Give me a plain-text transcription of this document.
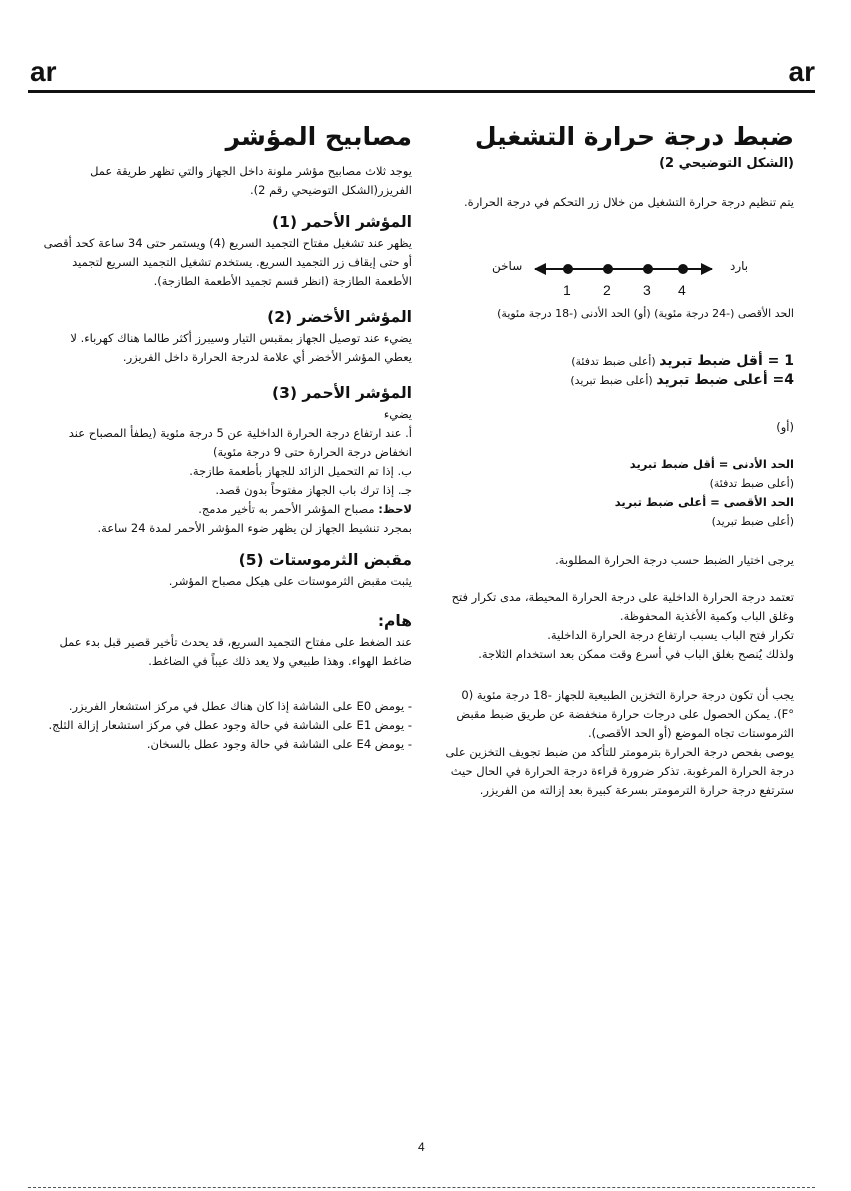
ar	ar
ضبط درجة حرارة التشغيل
(الشكل التوضيحي 2)

يتم تنظيم درجة حرارة التشغيل من خلال زر التحكم في درجة الحرارة.

ساخن	بارد
1 2 3 4
الحد الأقصى (-24 درجة مئوية) (أو) الحد الأدنى (-18 درجة مئوية)

1 = أقل ضبط تبريد (أعلى ضبط تدفئة)

4= أعلى ضبط تبريد (أعلى ضبط تبريد)

(أو)

الحد الأدنى = أقل ضبط تبريد

(أعلى ضبط تدفئة)

الحد الأقصى = أعلى ضبط تبريد

(أعلى ضبط تبريد)

يرجى اختيار الضبط حسب درجة الحرارة المطلوبة.

تعتمد درجة الحرارة الداخلية على درجة الحرارة المحيطة، مدى تكرار فتح وغلق الباب وكمية الأغذية المحفوظة.

تكرار فتح الباب يسبب ارتفاع درجة الحرارة الداخلية.

ولذلك يُنصح بغلق الباب في أسرع وقت ممكن بعد استخدام الثلاجة.

يجب أن تكون درجة حرارة التخزين الطبيعية للجهاز -18 درجة مئوية (0 °F). يمكن الحصول على درجات حرارة منخفضة عن طريق ضبط مقبض الثرموستات تجاه الموضع (أو الحد الأقصى).

يوصى بفحص درجة الحرارة بترمومتر للتأكد من ضبط تجويف التخزين على درجة الحرارة المرغوبة. تذكر ضرورة قراءة درجة الحرارة في الحال حيث سترتفع درجة حرارة الترمومتر بسرعة كبيرة بعد إزالته من الفريزر.

مصابيح المؤشر

يوجد ثلاث مصابيح مؤشر ملونة داخل الجهاز والتي تظهر طريقة عمل الفريزر(الشكل التوضيحي رقم 2).

المؤشر الأحمر (1)

يظهر عند تشغيل مفتاح التجميد السريع (4) ويستمر حتى 34 ساعة كحد أقصى أو حتى إيقاف زر التجميد السريع. يستخدم تشغيل التجميد السريع لتجميد الأطعمة الطازجة (انظر قسم تجميد الأطعمة الطازجة).

المؤشر الأخضر (2)

يضيء عند توصيل الجهاز بمقبس التيار وسيبرز أكثر طالما هناك كهرباء. لا يعطي المؤشر الأخضر أي علامة لدرجة الحرارة داخل الفريزر.

المؤشر الأحمر (3)

يضيء

أ. عند ارتفاع درجة الحرارة الداخلية عن 5 درجة مئوية (يطفأ المصباح عند انخفاض درجة الحرارة حتى 9 درجة مئوية)

ب. إذا تم التحميل الزائد للجهاز بأطعمة طازجة.

جـ. إذا ترك باب الجهاز مفتوحاً بدون قصد.

لاحظ: مصباح المؤشر الأحمر به تأخير مدمج.

بمجرد تنشيط الجهاز لن يظهر ضوء المؤشر الأحمر لمدة 24 ساعة.

مقبض الثرموستات (5)

يثبت مقبض الثرموستات على هيكل مصباح المؤشر.

هام:

عند الضغط على مفتاح التجميد السريع، قد يحدث تأخير قصير قبل بدء عمل ضاغط الهواء. وهذا طبيعي ولا يعد ذلك عيباً في الضاغط.

- يومض E0 على الشاشة إذا كان هناك عطل في مركز استشعار الفريزر.

- يومض E1 على الشاشة في حالة وجود عطل في مركز استشعار إزالة الثلج.

- يومض E4 على الشاشة في حالة وجود عطل بالسخان.

4
